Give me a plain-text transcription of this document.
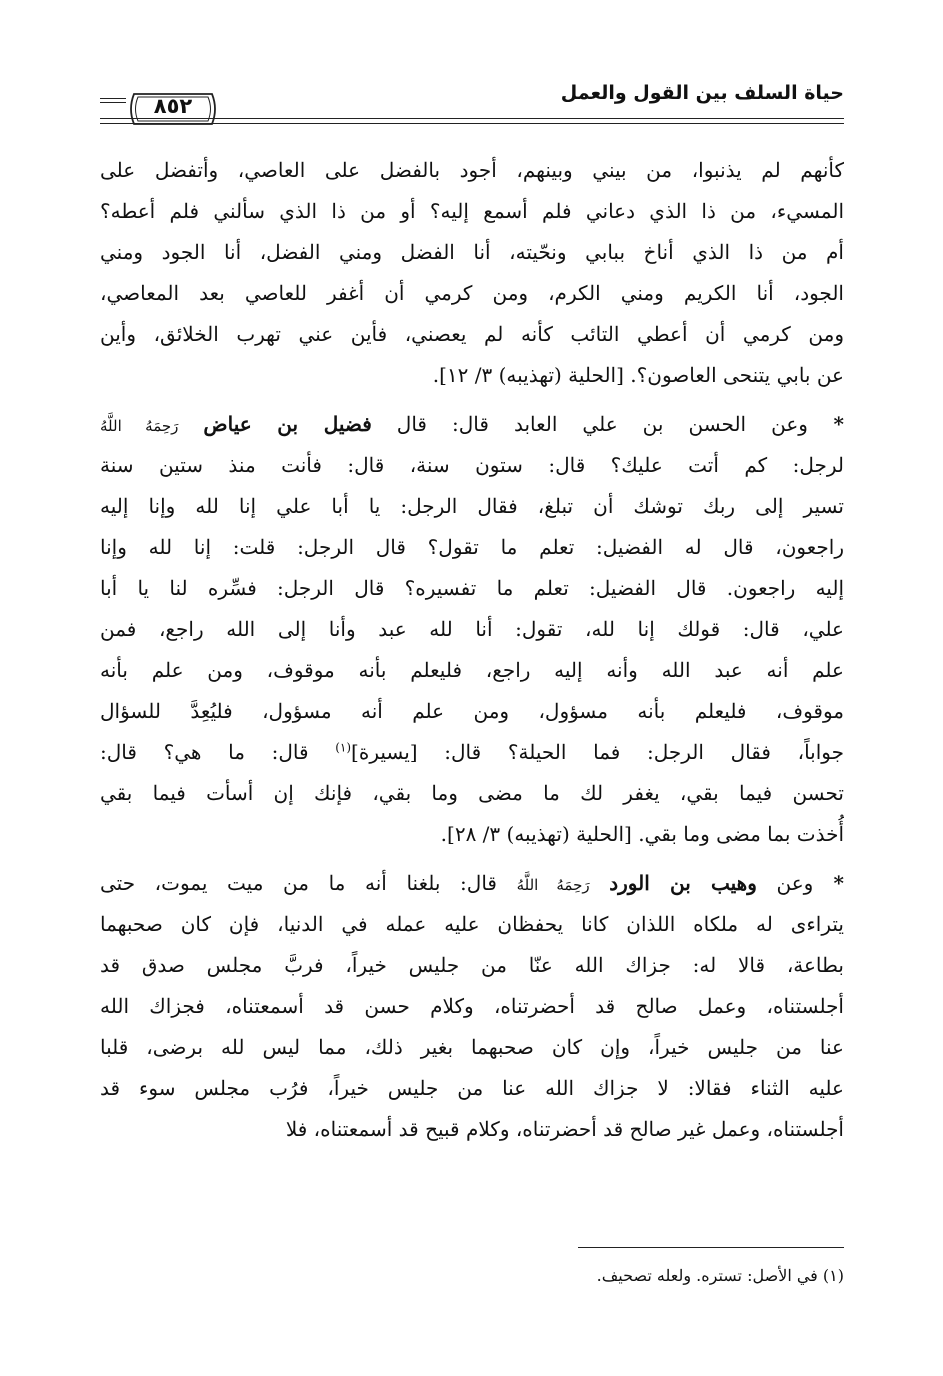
٨٥٢
حياة السلف بين القول والعمل
كأنهم لم يذنبوا، من بيني وبينهم، أجود بالفضل على العاصي، وأتفضل على
المسيء، من ذا الذي دعاني فلم أسمع إليه؟ أو من ذا الذي سألني فلم أعطه؟
أم من ذا الذي أناخ ببابي ونحّيته، أنا الفضل ومني الفضل، أنا الجود ومني
الجود، أنا الكريم ومني الكرم، ومن كرمي أن أغفر للعاصي بعد المعاصي،
ومن كرمي أن أعطي التائب كأنه لم يعصني، فأين عني تهرب الخلائق، وأين
عن بابي يتنحى العاصون؟. [الحلية (تهذيبه) ٣/ ١٢].
* وعن الحسن بن علي العابد قال: قال فضيل بن عياض رَحِمَهُ اللَّهُ
لرجل: كم أتت عليك؟ قال: ستون سنة، قال: فأنت منذ ستين سنة
تسير إلى ربك توشك أن تبلغ، فقال الرجل: يا أبا علي إنا لله وإنا إليه
راجعون، قال له الفضيل: تعلم ما تقول؟ قال الرجل: قلت: إنا لله وإنا
إليه راجعون. قال الفضيل: تعلم ما تفسيره؟ قال الرجل: فسِّره لنا يا أبا
علي، قال: قولك إنا لله، تقول: أنا لله عبد وأنا إلى الله راجع، فمن
علم أنه عبد الله وأنه إليه راجع، فليعلم بأنه موقوف، ومن علم بأنه
موقوف، فليعلم بأنه مسؤول، ومن علم أنه مسؤول، فليُعِدَّ للسؤال
جواباً، فقال الرجل: فما الحيلة؟ قال: [يسيرة]$^{(١)}$ قال: ما هي؟ قال:
تحسن فيما بقي، يغفر لك ما مضى وما بقي، فإنك إن أسأت فيما بقي
أُخذت بما مضى وما بقي. [الحلية (تهذيبه) ٣/ ٢٨].
* وعن وهيب بن الورد رَحِمَهُ اللَّهُ قال: بلغنا أنه ما من ميت يموت، حتى
يتراءى له ملكاه اللذان كانا يحفظان عليه عمله في الدنيا، فإن كان صحبهما
بطاعة، قالا له: جزاك الله عنّا من جليس خيراً، فربَّ مجلس صدق قد
أجلستناه، وعمل صالح قد أحضرتناه، وكلام حسن قد أسمعتناه، فجزاك الله
عنا من جليس خيراً، وإن كان صحبهما بغير ذلك، مما ليس لله برضى، قلبا
عليه الثناء فقالا: لا جزاك الله عنا من جليس خيراً، فرُب مجلس سوء قد
أجلستناه، وعمل غير صالح قد أحضرتناه، وكلام قبيح قد أسمعتناه، فلا
(١) في الأصل: تستره. ولعله تصحيف.
